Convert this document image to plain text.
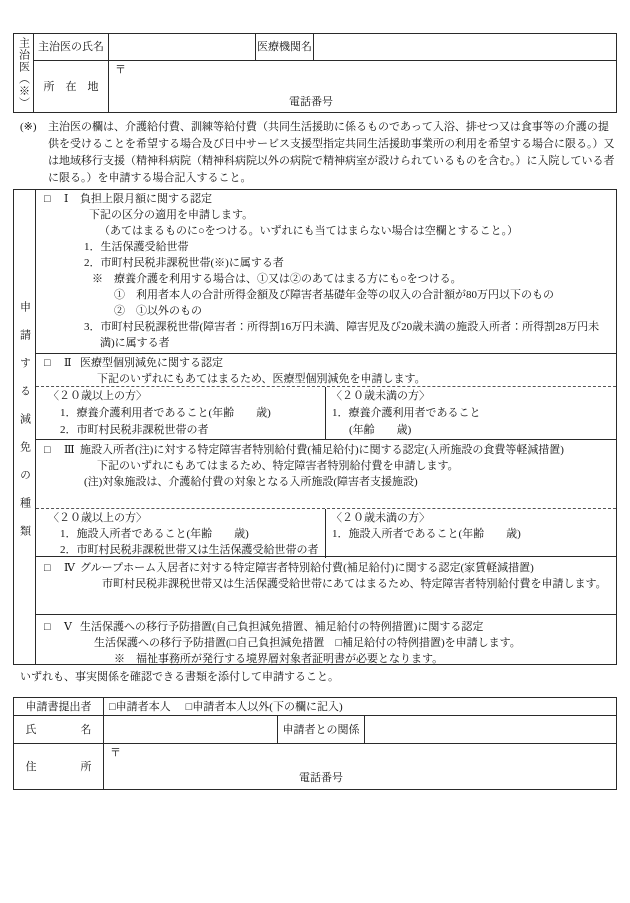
主治医（※） 主治医の氏名	医療機関名
所　在　地
〒
電話番号
(※)	主治医の欄は、介護給付費、訓練等給付費（共同生活援助に係るものであって入浴、排せつ又は食事等の介護の提供を受けることを希望する場合及び日中サービス支援型指定共同生活援助事業所の利用を希望する場合に限る。）又は地域移行支援（精神科病院（精神科病院以外の病院で精神病室が設けられているものを含む。）に入院している者に限る。）を申請する場合記入すること。
申請する減免の種類
□	Ⅰ	負担上限月額に関する認定
下記の区分の適用を申請します。
（あてはまるものに○をつける。いずれにも当てはまらない場合は空欄とすること。）
1．生活保護受給世帯
2．市町村民税非課税世帯(※)に属する者
※　療養介護を利用する場合は、①又は②のあてはまる方にも○をつける。
①　利用者本人の合計所得金額及び障害者基礎年金等の収入の合計額が80万円以下のもの
②　①以外のもの
3．市町村民税課税世帯(障害者：所得割16万円未満、障害児及び20歳未満の施設入所者：所得割28万円未満)に属する者
□	Ⅱ 医療型個別減免に関する認定
下記のいずれにもあてはまるため、医療型個別減免を申請します。
〈２０歳以上の方〉
1．療養介護利用者であること(年齢　　歳)
2．市町村民税非課税世帯の者
〈２０歳未満の方〉
1．療養介護利用者であること
(年齢　　歳)
□	Ⅲ 施設入所者(注)に対する特定障害者特別給付費(補足給付)に関する認定(入所施設の食費等軽減措置)
下記のいずれにもあてはまるため、特定障害者特別給付費を申請します。
(注)対象施設は、介護給付費の対象となる入所施設(障害者支援施設)
〈２０歳以上の方〉
1．施設入所者であること(年齢　　歳)
2．市町村民税非課税世帯又は生活保護受給世帯の者
〈２０歳未満の方〉
1．施設入所者であること(年齢　　歳)
□	Ⅳ グループホーム入居者に対する特定障害者特別給付費(補足給付)に関する認定(家賃軽減措置)
市町村民税非課税世帯又は生活保護受給世帯にあてはまるため、特定障害者特別給付費を申請します。
□	Ⅴ 生活保護への移行予防措置(自己負担減免措置、補足給付の特例措置)に関する認定
生活保護への移行予防措置(□自己負担減免措置　 □補足給付の特例措置)を申請します。
※　福祉事務所が発行する境界層対象者証明書が必要となります。
いずれも、事実関係を確認できる書類を添付して申請すること。
申請書提出者	□申請者本人 □申請者本人以外(下の欄に記入)
氏　　　　名	申請者との関係
住　　　　所
〒
電話番号
